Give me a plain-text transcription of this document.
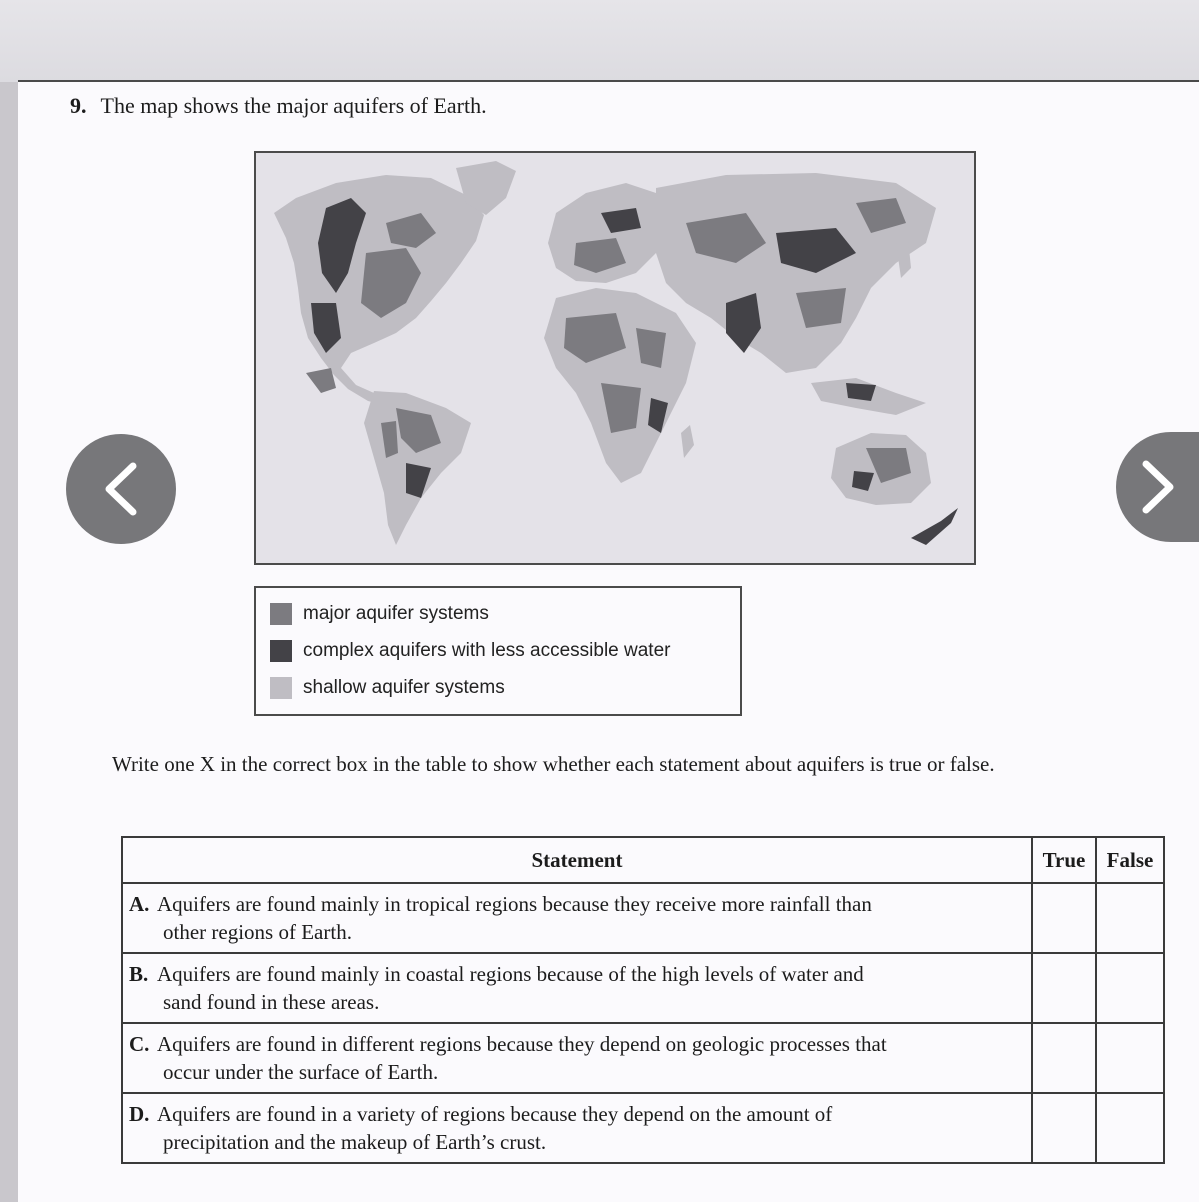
9. The map shows the major aquifers of Earth.
major aquifer systems
complex aquifers with less accessible water
shallow aquifer systems
Write one X in the correct box in the table to show whether each statement about aquifers is true or false.
Statement	True	False

A. Aquifers are found mainly in tropical regions because they receive more rainfall than
other regions of Earth.		

B. Aquifers are found mainly in coastal regions because of the high levels of water and
sand found in these areas.		

C. Aquifers are found in different regions because they depend on geologic processes that
occur under the surface of Earth.		

D. Aquifers are found in a variety of regions because they depend on the amount of
precipitation and the makeup of Earth’s crust.		
